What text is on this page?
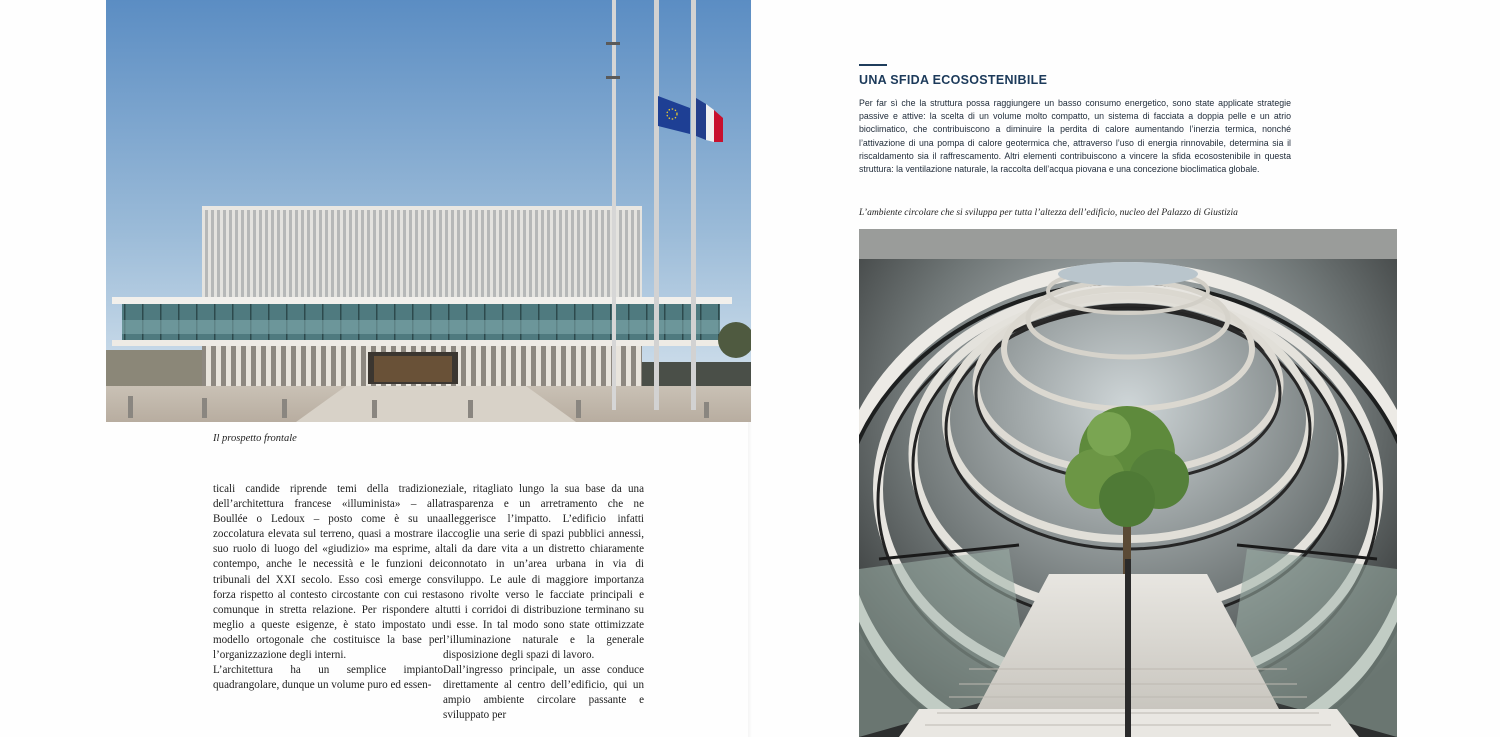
Il prospetto frontale

ticali candide riprende temi della tradizione dell’architettura francese «illuminista» – alla Boullée o Ledoux – posto come è su una zoccolatura elevata sul terreno, quasi a mostrare il suo ruolo di luogo del «giudizio» ma esprime, al contempo, anche le necessità e le funzioni dei tribunali del XXI secolo. Esso così emerge con forza rispetto al contesto circostante con cui resta comunque in stretta relazione. Per rispondere al meglio a queste esigenze, è stato impostato un modello ortogonale che costituisce la base per l’organizzazione degli interni.

L’architettura ha un semplice impianto quadrangolare, dunque un volume puro ed essen-

ziale, ritagliato lungo la sua base da una trasparenza e un arretramento che ne alleggerisce l’impatto. L’edificio infatti accoglie una serie di spazi pubblici annessi, tali da dare vita a un distretto chiaramente connotato in un’area urbana in via di sviluppo. Le aule di maggiore importanza sono rivolte verso le facciate principali e tutti i corridoi di distribuzione terminano su di esse. In tal modo sono state ottimizzate l’illuminazione naturale e la generale disposizione degli spazi di lavoro.

Dall’ingresso principale, un asse conduce direttamente al centro dell’edificio, qui un ampio ambiente circolare passante e sviluppato per

UNA SFIDA ECOSOSTENIBILE
Per far sì che la struttura possa raggiungere un basso consumo energetico, sono state applicate strategie passive e attive: la scelta di un volume molto compatto, un sistema di facciata a doppia pelle e un atrio bioclimatico, che contribuiscono a diminuire la perdita di calore aumentando l’inerzia termica, nonché l’attivazione di una pompa di calore geotermica che, attraverso l’uso di energia rinnovabile, determina sia il riscaldamento sia il raffrescamento. Altri elementi contribuiscono a vincere la sfida ecosostenibile in questa struttura: la ventilazione naturale, la raccolta dell’acqua piovana e una concezione bioclimatica globale.
L’ambiente circolare che si sviluppa per tutta l’altezza dell’edificio, nucleo del Palazzo di Giustizia
